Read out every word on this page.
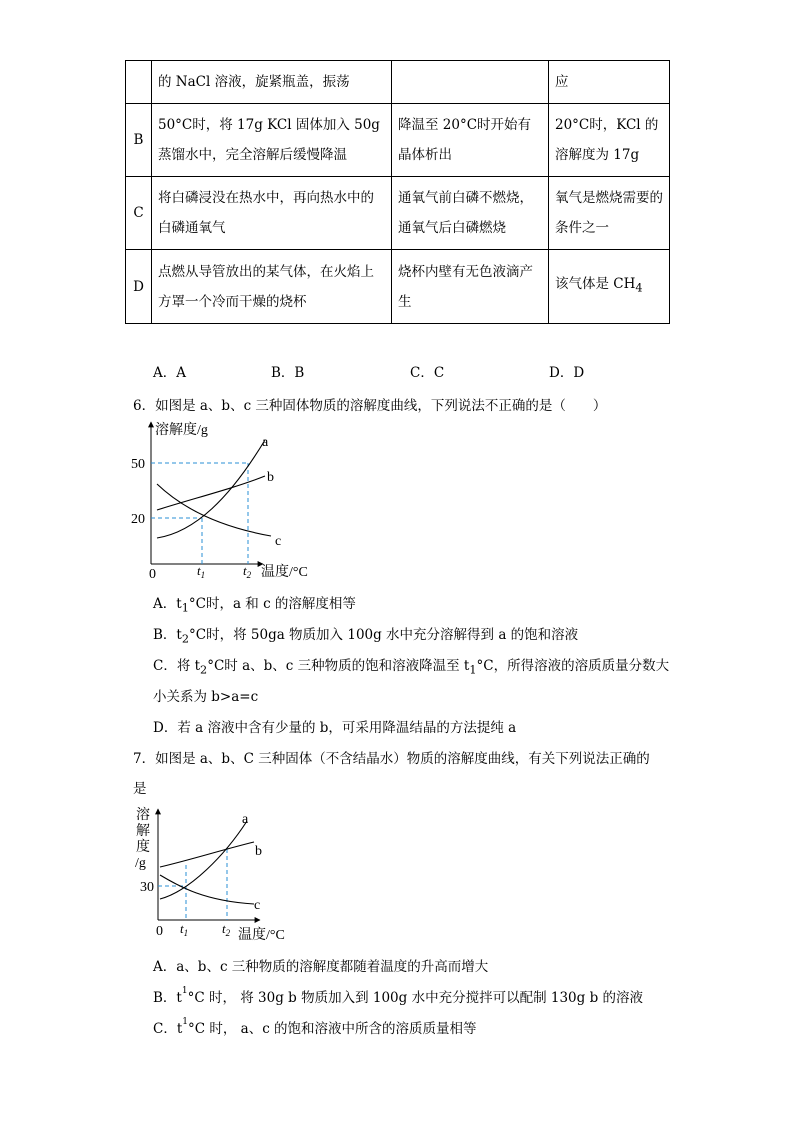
	的 NaCl 溶液，旋紧瓶盖，振荡		应
B	50°C时，将 17g KCl 固体加入 50g 蒸馏水中，完全溶解后缓慢降温	降温至 20°C时开始有晶体析出	20°C时，KCl 的溶解度为 17g
C	将白磷浸没在热水中，再向热水中的白磷通氧气	通氧气前白磷不燃烧，通氧气后白磷燃烧	氧气是燃烧需要的条件之一
D	点燃从导管放出的某气体，在火焰上方罩一个冷而干燥的烧杯	烧杯内壁有无色液滴产生	该气体是 $CH_4$
A．A	B．B	C．C	D．D
6．如图是 a、b、c 三种固体物质的溶解度曲线，下列说法不正确的是（　　）
溶解度/g
温度/°C
50
20
0	$t_1$	$t_2$
a
b
c
A．$t_1^\circ C$时，a 和 c 的溶解度相等
B．$t_2^\circ C$时，将 50ga 物质加入 100g 水中充分溶解得到 a 的饱和溶液
C．将 $t_2^\circ C$时 a、b、c 三种物质的饱和溶液降温至 $t_1^\circ C$，所得溶液的溶质质量分数大
小关系为 b>a=c
D．若 a 溶液中含有少量的 b，可采用降温结晶的方法提纯 a
7．如图是 a、b、C 三种固体（不含结晶水）物质的溶解度曲线，有关下列说法正确的
是
溶
解
度
/g
30
0 $t_1$	$t_2$ 温度/°C
a
b
c
A．a、b、c 三种物质的溶解度都随着温度的升高而增大
B．$t^1^\circ C$ 时， 将 30g b 物质加入到 100g 水中充分搅拌可以配制 130g b 的溶液
C．$t^1^\circ C$ 时， a、c 的饱和溶液中所含的溶质质量相等
